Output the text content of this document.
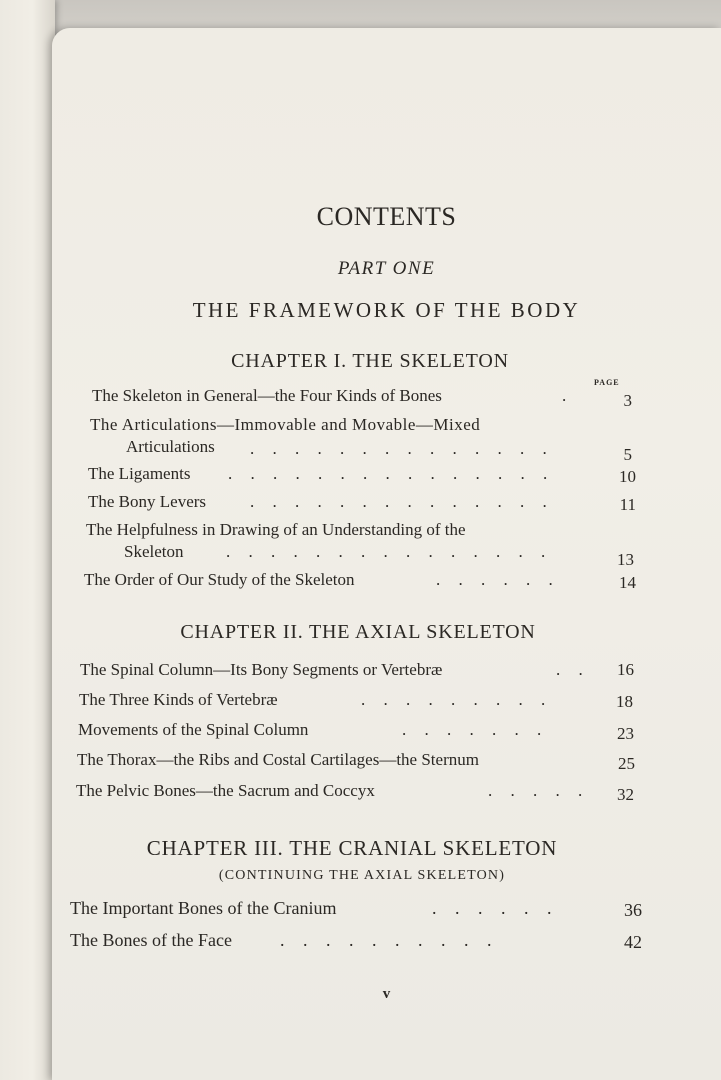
CONTENTS
PART ONE
THE FRAMEWORK OF THE BODY
CHAPTER I. THE SKELETON
PAGE
The Skeleton in General—the Four Kinds of Bones	.	3
The Articulations—Immovable and Movable—Mixed
Articulations	. . . . . . . . . . . . . .	5
The Ligaments . . . . . . . . . . . . . . .	10
The Bony Levers	. . . . . . . . . . . . . .	11
The Helpfulness in Drawing of an Understanding of the
Skeleton	. . . . . . . . . . . . . . .	13
The Order of Our Study of the Skeleton	. . . . . .	14
CHAPTER II. THE AXIAL SKELETON
The Spinal Column—Its Bony Segments or Vertebræ	. .	16
The Three Kinds of Vertebræ	. . . . . . . . .	18
Movements of the Spinal Column	. . . . . . .	23
The Thorax—the Ribs and Costal Cartilages—the Sternum	25
The Pelvic Bones—the Sacrum and Coccyx	. . . . .	32
CHAPTER III. THE CRANIAL SKELETON
(CONTINUING THE AXIAL SKELETON)
The Important Bones of the Cranium	. . . . . .	36
The Bones of the Face	. . . . . . . . . .	42
v
